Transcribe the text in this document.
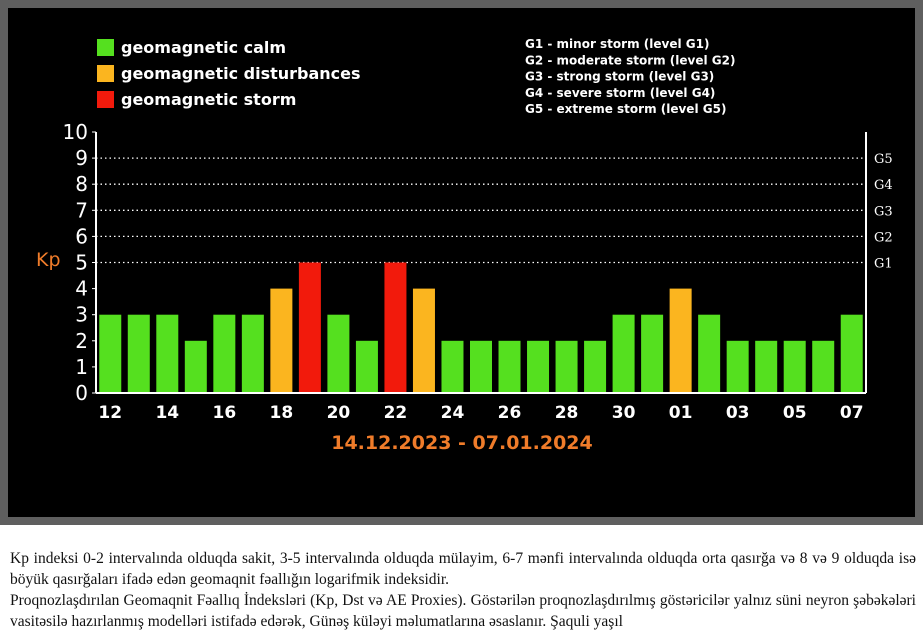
geomagnetic calm
geomagnetic disturbances
geomagnetic storm
G1 - minor storm (level G1)
G2 - moderate storm (level G2)
G3 - strong storm (level G3)
G4 - severe storm (level G4)
G5 - extreme storm (level G5)
0
1
2
3
4
5
6
7
8
9
10
G5
G4
G3
G2
G1
12 14 16 18 20 22 24 26 28 30 01 03 05 07
Kp
14.12.2023 - 07.01.2024

Kp indeksi 0-2 intervalında olduqda sakit, 3-5 intervalında olduqda mülayim, 6-7 mənfi intervalında olduqda orta qasırğa və 8 və 9 olduqda isə böyük qasırğaları ifadə edən geomaqnit fəallığın logarifmik indeksidir.

Proqnozlaşdırılan Geomaqnit Fəallıq İndeksləri (Kp, Dst və AE Proxies). Göstərilən proqnozlaşdırılmış göstəricilər yalnız süni neyron şəbəkələri vasitəsilə hazırlanmış modelləri istifadə edərək, Günəş küləyi məlumatlarına əsaslanır. Şaquli yaşıl
